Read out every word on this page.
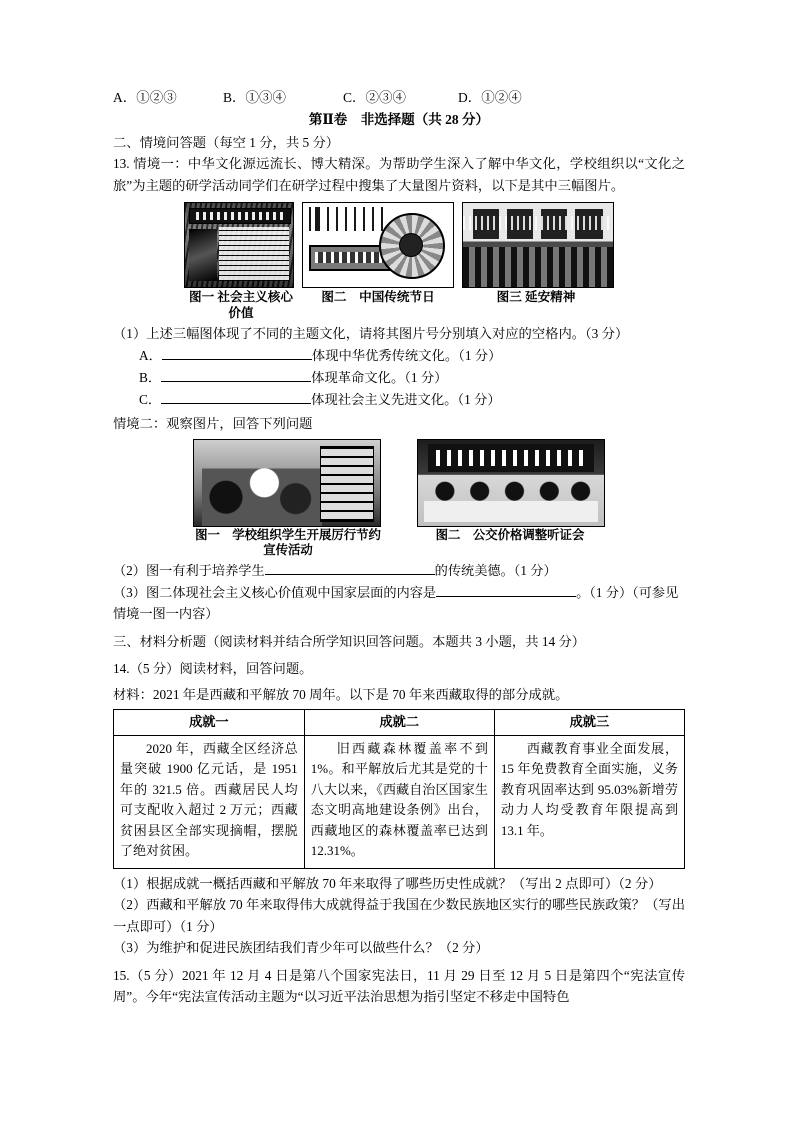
A．①②③	B．①③④	C．②③④	D．①②④
第Ⅱ卷　非选择题（共 28 分）
二、情境问答题（每空 1 分，共 5 分）
13. 情境一：中华文化源远流长、博大精深。为帮助学生深入了解中华文化，学校组织以“文化之旅”为主题的研学活动同学们在研学过程中搜集了大量图片资料，以下是其中三幅图片。
图一 社会主义核心价值
图二　中国传统节日	图三 延安精神
（1）上述三幅图体现了不同的主题文化，请将其图片号分别填入对应的空格内。（3 分）
A．	体现中华优秀传统文化。（1 分）
B．	体现革命文化。（1 分）
C．	体现社会主义先进文化。（1 分）
情境二：观察图片，回答下列问题
图一　学校组织学生开展厉行节约宣传活动
图二　公交价格调整听证会
（2）图一有利于培养学生	的传统美德。（1 分）
（3）图二体现社会主义核心价值观中国家层面的内容是	。（1 分）（可参见情境一图一内容）
三、材料分析题（阅读材料并结合所学知识回答问题。本题共 3 小题，共 14 分）
14.（5 分）阅读材料，回答问题。
材料：2021 年是西藏和平解放 70 周年。以下是 70 年来西藏取得的部分成就。
成就一	成就二	成就三
2020 年，西藏全区经济总量突破 1900 亿元话，是 1951 年的 321.5 倍。西藏居民人均可支配收入超过 2 万元；西藏贫困县区全部实现摘帽，摆脱了绝对贫困。	旧西藏森林覆盖率不到 1%。和平解放后尤其是党的十八大以来，《西藏自治区国家生态文明高地建设条例》出台，西藏地区的森林覆盖率已达到 12.31%。	西藏教育事业全面发展，15 年免费教育全面实施，义务教育巩固率达到 95.03%新增劳动力人均受教育年限提高到 13.1 年。
（1）根据成就一概括西藏和平解放 70 年来取得了哪些历史性成就？（写出 2 点即可）（2 分）
（2）西藏和平解放 70 年来取得伟大成就得益于我国在少数民族地区实行的哪些民族政策？（写出一点即可）（1 分）
（3）为维护和促进民族团结我们青少年可以做些什么？（2 分）
15.（5 分）2021 年 12 月 4 日是第八个国家宪法日，11 月 29 日至 12 月 5 日是第四个“宪法宣传周”。今年“宪法宣传活动主题为“以习近平法治思想为指引坚定不移走中国特色
